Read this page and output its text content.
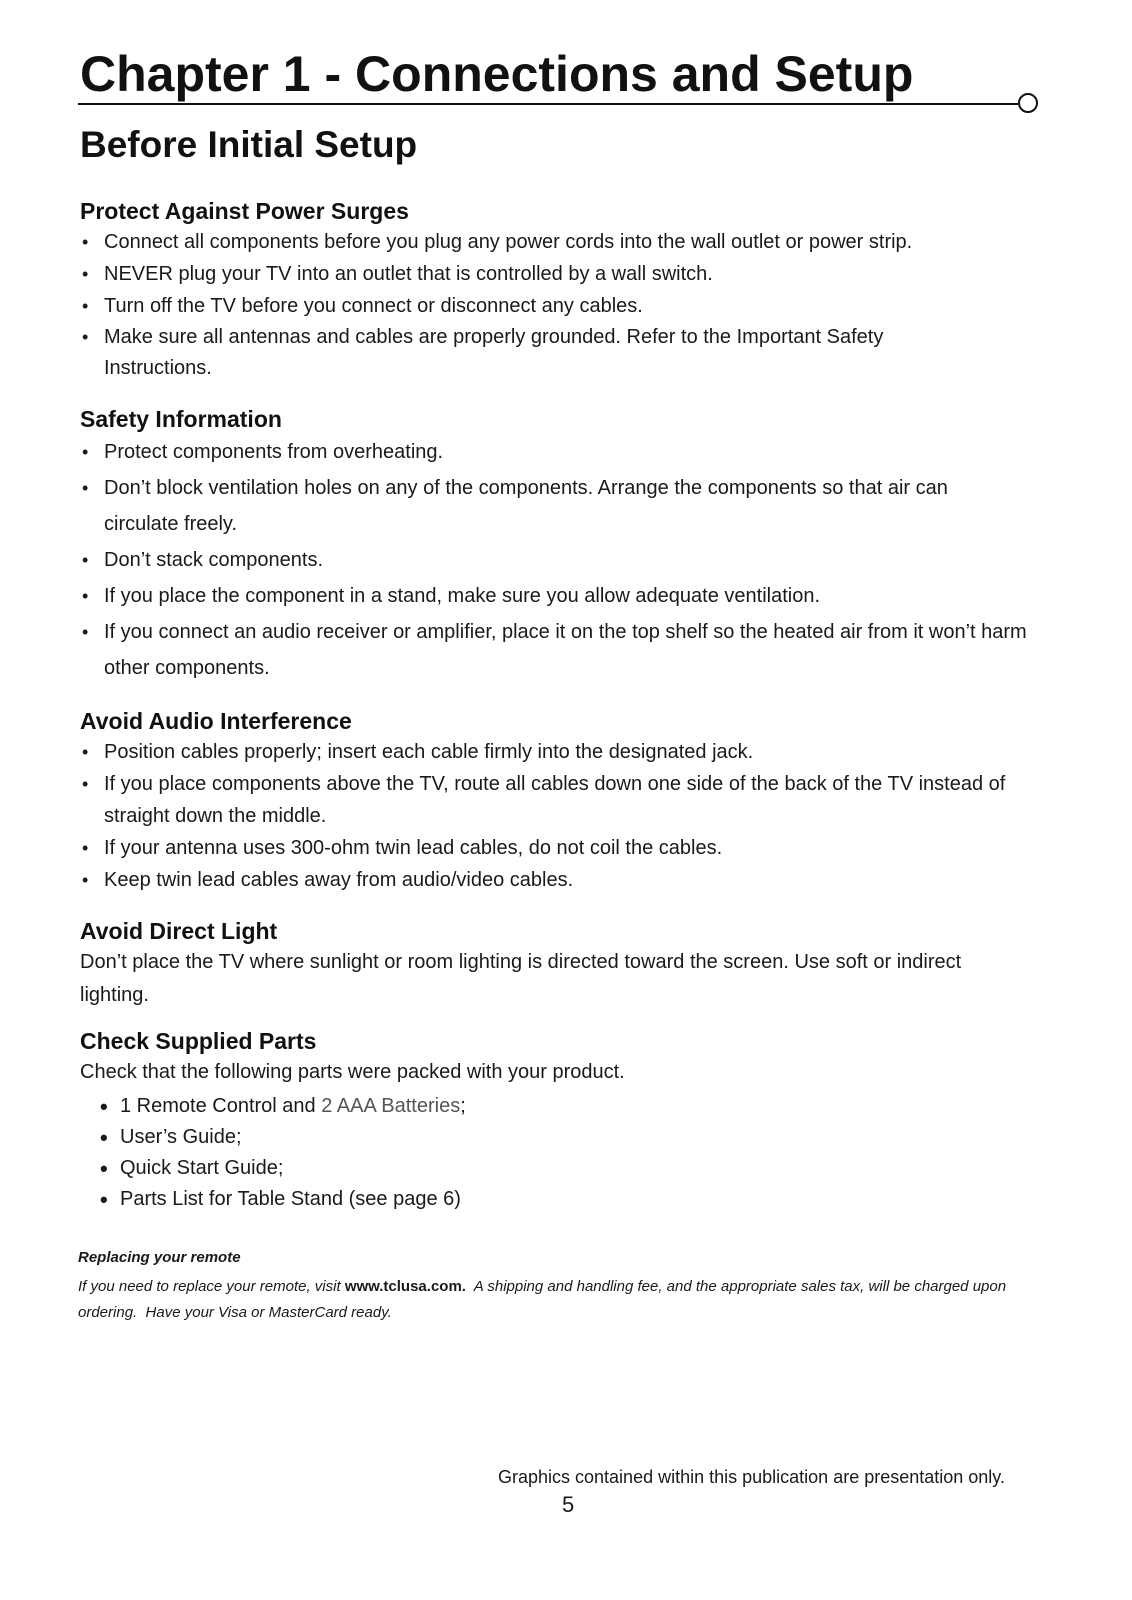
Chapter 1 - Connections and Setup
Before Initial Setup
Protect Against Power Surges
• Connect all components before you plug any power cords into the wall outlet or power strip.
• NEVER plug your TV into an outlet that is controlled by a wall switch.
• Turn off the TV before you connect or disconnect any cables.
• Make sure all antennas and cables are properly grounded. Refer to the Important Safety Instructions.
Safety Information
• Protect components from overheating.
• Don’t block ventilation holes on any of the components. Arrange the components so that air can circulate freely.
• Don’t stack components.
• If you place the component in a stand, make sure you allow adequate ventilation.
• If you connect an audio receiver or amplifier, place it on the top shelf so the heated air from it won’t harm other components.
Avoid Audio Interference
• Position cables properly; insert each cable firmly into the designated jack.
• If you place components above the TV, route all cables down one side of the back of the TV instead of straight down the middle.
• If your antenna uses 300-ohm twin lead cables, do not coil the cables.
• Keep twin lead cables away from audio/video cables.
Avoid Direct Light

Don’t place the TV where sunlight or room lighting is directed toward the screen. Use soft or indirect lighting.

Check Supplied Parts

Check that the following parts were packed with your product.

• 1 Remote Control and 2 AAA Batteries;
• User’s Guide;
• Quick Start Guide;
• Parts List for Table Stand (see page 6)

Replacing your remote

If you need to replace your remote, visit www.tclusa.com.  A shipping and handling fee, and the appropriate sales tax, will be charged upon ordering.  Have your Visa or MasterCard ready.

Graphics contained within this publication are presentation only.
5
